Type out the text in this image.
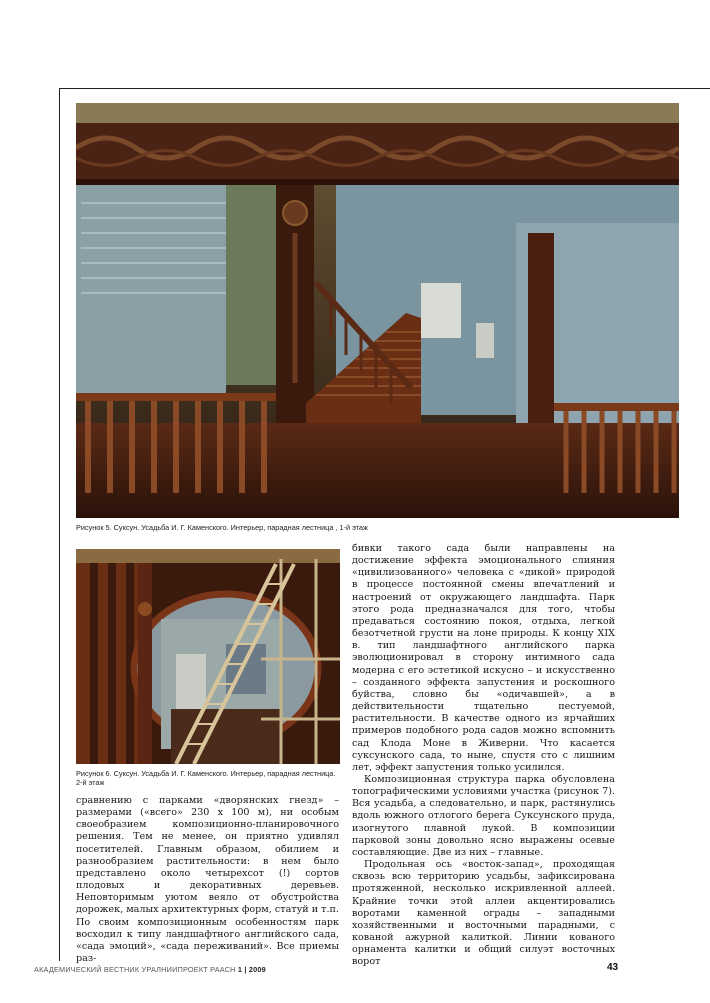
Рисунок 5. Суксун. Усадьба И. Г. Каменского. Интерьер, парадная лестница , 1-й этаж
Рисунок 6. Суксун. Усадьба И. Г. Каменского. Интерьер, парадная лестница. 2-й этаж

сравнению с парками «дворянских гнезд» – размерами («всего» 230 х 100 м), ни особым своеобразием композиционно-планировочного решения. Тем не менее, он приятно удивлял посетителей. Главным образом, обилием и разнообразием растительности: в нем было представлено около четырехсот (!) сортов плодовых и декоративных деревьев. Неповторимым уютом веяло от обустройства дорожек, малых архитектурных форм, статуй и т.п. По своим композиционным особенностям парк восходил к типу ландшафтного английского сада, «сада эмоций», «сада переживаний». Все приемы раз-

бивки такого сада были направлены на достижение эффекта эмоционального слияния «цивилизованного» человека с «дикой» природой в процессе постоянной смены впечатлений и настроений от окружающего ландшафта. Парк этого рода предназначался для того, чтобы предаваться состоянию покоя, отдыха, легкой безотчетной грусти на лоне природы. К концу XIX в. тип ландшафтного английского парка эволюционировал в сторону интимного сада модерна с его эстетикой искусно – и искусственно – созданного эффекта запустения и роскошного буйства, словно бы «одичавшей», а в действительности тщательно пестуемой, растительности. В качестве одного из ярчайших примеров подобного рода садов можно вспомнить сад Клода Моне в Живерни. Что касается суксунского сада, то ныне, спустя сто с лишним лет, эффект запустения только усилился.

Композиционная структура парка обусловлена топографическими условиями участка (рисунок 7). Вся усадьба, а следовательно, и парк, растянулись вдоль южного отлогого берега Суксунского пруда, изогнутого плавной лукой. В композиции парковой зоны довольно ясно выражены осевые составляющие. Две из них – главные.

Продольная ось «восток-запад», проходящая сквозь всю территорию усадьбы, зафиксирована протяженной, несколько искривленной аллеей. Крайние точки этой аллеи акцентировались воротами каменной ограды – западными хозяйственными и восточными парадными, с кованой ажурной калиткой. Линии кованого орнамента калитки и общий силуэт восточных ворот

АКАДЕМИЧЕСКИЙ ВЕСТНИК УРАЛНИИПРОЕКТ РААСН 1 | 2009	43
